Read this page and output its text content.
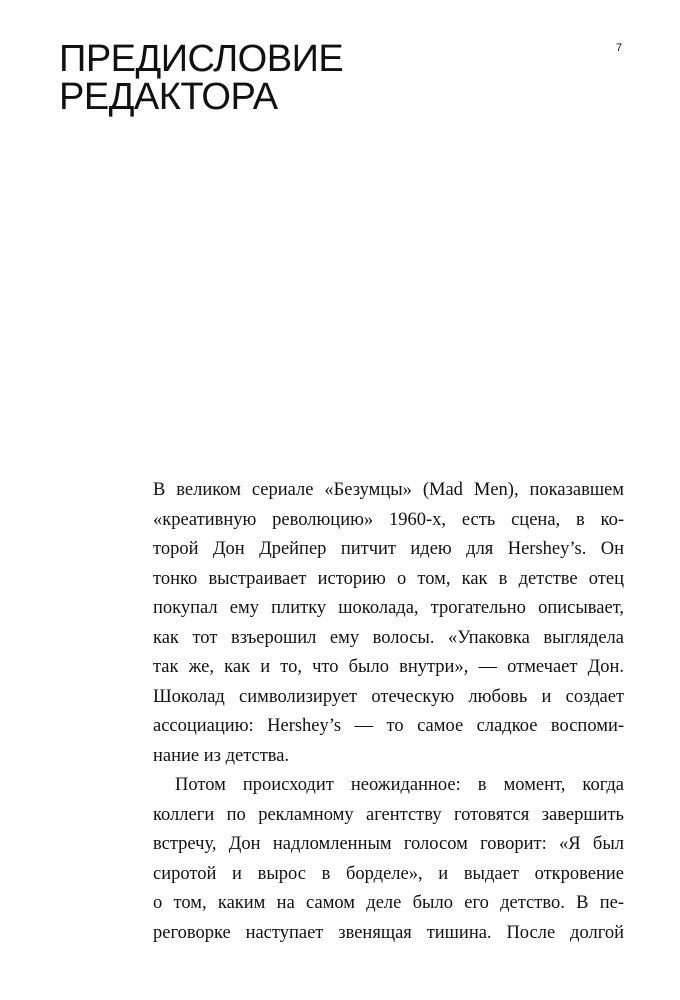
ПРЕДИСЛОВИЕ
РЕДАКТОРА
7
В великом сериале «Безумцы» (Mad Men), показавшем
«креативную революцию» 1960-х, есть сцена, в ко-
торой Дон Дрейпер питчит идею для Hershey’s. Он
тонко выстраивает историю о том, как в детстве отец
покупал ему плитку шоколада, трогательно описывает,
как тот взъерошил ему волосы. «Упаковка выглядела
так же, как и то, что было внутри», — отмечает Дон.
Шоколад символизирует отеческую любовь и создает
ассоциацию: Hershey’s — то самое сладкое воспоми-
нание из детства.
Потом происходит неожиданное: в момент, когда
коллеги по рекламному агентству готовятся завершить
встречу, Дон надломленным голосом говорит: «Я был
сиротой и вырос в борделе», и выдает откровение
о том, каким на самом деле было его детство. В пе-
реговорке наступает звенящая тишина. После долгой
